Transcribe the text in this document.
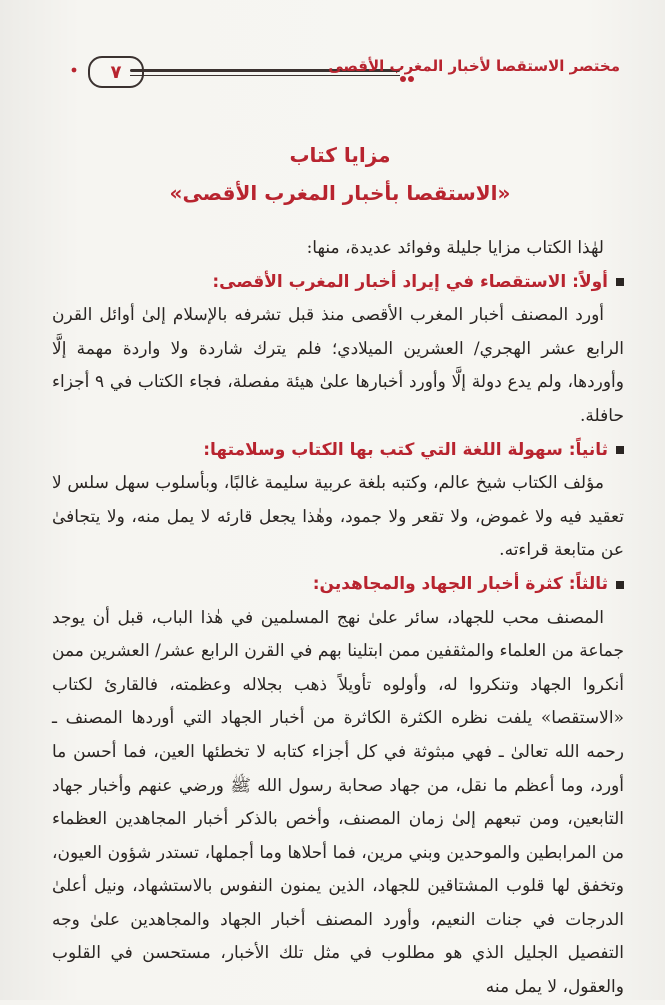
٧	مختصر الاستقصا لأخبار المغرب الأقصى
مزايا كتاب
«الاستقصا بأخبار المغرب الأقصى»

لهٰذا الكتاب مزايا جليلة وفوائد عديدة، منها:

أولاً: الاستقصاء في إيراد أخبار المغرب الأقصى:

أورد المصنف أخبار المغرب الأقصى منذ قبل تشرفه بالإسلام إلىٰ أوائل القرن الرابع عشر الهجري/ العشرين الميلادي؛ فلم يترك شاردة ولا واردة مهمة إلَّا وأوردها، ولم يدع دولة إلَّا وأورد أخبارها علىٰ هيئة مفصلة، فجاء الكتاب في ٩ أجزاء حافلة.

ثانياً: سهولة اللغة التي كتب بها الكتاب وسلامتها:

مؤلف الكتاب شيخ عالم، وكتبه بلغة عربية سليمة غالبًا، وبأسلوب سهل سلس لا تعقيد فيه ولا غموض، ولا تقعر ولا جمود، وهٰذا يجعل قارئه لا يمل منه، ولا يتجافىٰ عن متابعة قراءته.

ثالثاً: كثرة أخبار الجهاد والمجاهدين:

المصنف محب للجهاد، سائر علىٰ نهج المسلمين في هٰذا الباب، قبل أن يوجد جماعة من العلماء والمثقفين ممن ابتلينا بهم في القرن الرابع عشر/ العشرين ممن أنكروا الجهاد وتنكروا له، وأولوه تأويلاً ذهب بجلاله وعظمته، فالقارئ لكتاب «الاستقصا» يلفت نظره الكثرة الكاثرة من أخبار الجهاد التي أوردها المصنف ـ رحمه الله تعالىٰ ـ فهي مبثوثة في كل أجزاء كتابه لا تخطئها العين، فما أحسن ما أورد، وما أعظم ما نقل، من جهاد صحابة رسول الله ﷺ ورضي عنهم وأخبار جهاد التابعين، ومن تبعهم إلىٰ زمان المصنف، وأخص بالذكر أخبار المجاهدين العظماء من المرابطين والموحدين وبني مرين، فما أحلاها وما أجملها، تستدر شؤون العيون، وتخفق لها قلوب المشتاقين للجهاد، الذين يمنون النفوس بالاستشهاد، ونيل أعلىٰ الدرجات في جنات النعيم، وأورد المصنف أخبار الجهاد والمجاهدين علىٰ وجه التفصيل الجليل الذي هو مطلوب في مثل تلك الأخبار، مستحسن في القلوب والعقول، لا يمل منه
